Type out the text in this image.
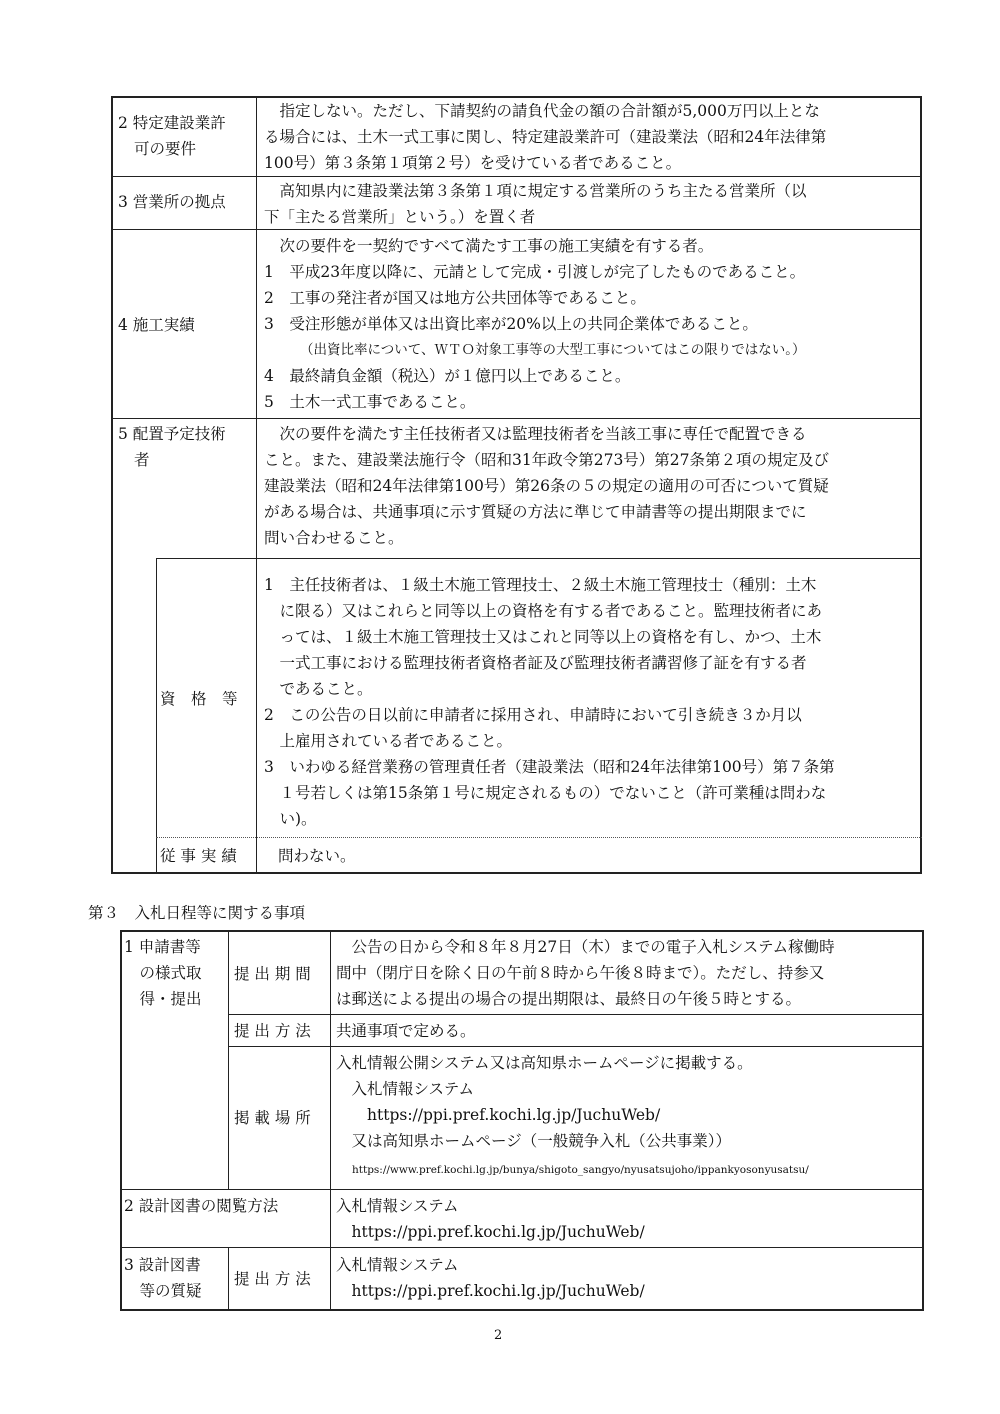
2 特定建設業許
可の要件
　指定しない。ただし、下請契約の請負代金の額の合計額が5,000万円以上とな
る場合には、土木一式工事に関し、特定建設業許可（建設業法（昭和24年法律第
100号）第３条第１項第２号）を受けている者であること。
3 営業所の拠点
　高知県内に建設業法第３条第１項に規定する営業所のうち主たる営業所（以
下「主たる営業所」という。）を置く者
4 施工実績
　次の要件を一契約ですべて満たす工事の施工実績を有する者。
1　平成23年度以降に、元請として完成・引渡しが完了したものであること。
2　工事の発注者が国又は地方公共団体等であること。
3　受注形態が単体又は出資比率が20%以上の共同企業体であること。
（出資比率について、ＷＴＯ対象工事等の大型工事についてはこの限りではない。）
4　最終請負金額（税込）が１億円以上であること。
5　土木一式工事であること。
5 配置予定技術
者
　次の要件を満たす主任技術者又は監理技術者を当該工事に専任で配置できる
こと。また、建設業法施行令（昭和31年政令第273号）第27条第２項の規定及び
建設業法（昭和24年法律第100号）第26条の５の規定の適用の可否について質疑
がある場合は、共通事項に示す質疑の方法に準じて申請書等の提出期限までに
問い合わせること。
資　格　等
1　主任技術者は、１級土木施工管理技士、２級土木施工管理技士（種別：土木
　に限る）又はこれらと同等以上の資格を有する者であること。監理技術者にあ
　っては、１級土木施工管理技士又はこれと同等以上の資格を有し、かつ、土木
　一式工事における監理技術者資格者証及び監理技術者講習修了証を有する者
　であること。
2　この公告の日以前に申請者に採用され、申請時において引き続き３か月以
　上雇用されている者であること。
3　いわゆる経営業務の管理責任者（建設業法（昭和24年法律第100号）第７条第
　１号若しくは第15条第１号に規定されるもの）でないこと（許可業種は問わな
　い)。
従 事 実 績	問わない。
第３　入札日程等に関する事項
1 申請書等
　の様式取
　得・提出
提 出 期 間
　公告の日から令和８年８月27日（木）までの電子入札システム稼働時
間中（閉庁日を除く日の午前８時から午後８時まで）。ただし、持参又
は郵送による提出の場合の提出期限は、最終日の午後５時とする。
提 出 方 法 共通事項で定める。
掲 載 場 所
入札情報公開システム又は高知県ホームページに掲載する。
　入札情報システム
　　https://ppi.pref.kochi.lg.jp/JuchuWeb/
　又は高知県ホームページ（一般競争入札（公共事業））
https://www.pref.kochi.lg.jp/bunya/shigoto_sangyo/nyusatsujoho/ippankyosonyusatsu/
2 設計図書の閲覧方法	入札情報システム
　https://ppi.pref.kochi.lg.jp/JuchuWeb/
3 設計図書
　等の質疑
提 出 方 法
入札情報システム
　https://ppi.pref.kochi.lg.jp/JuchuWeb/
2
